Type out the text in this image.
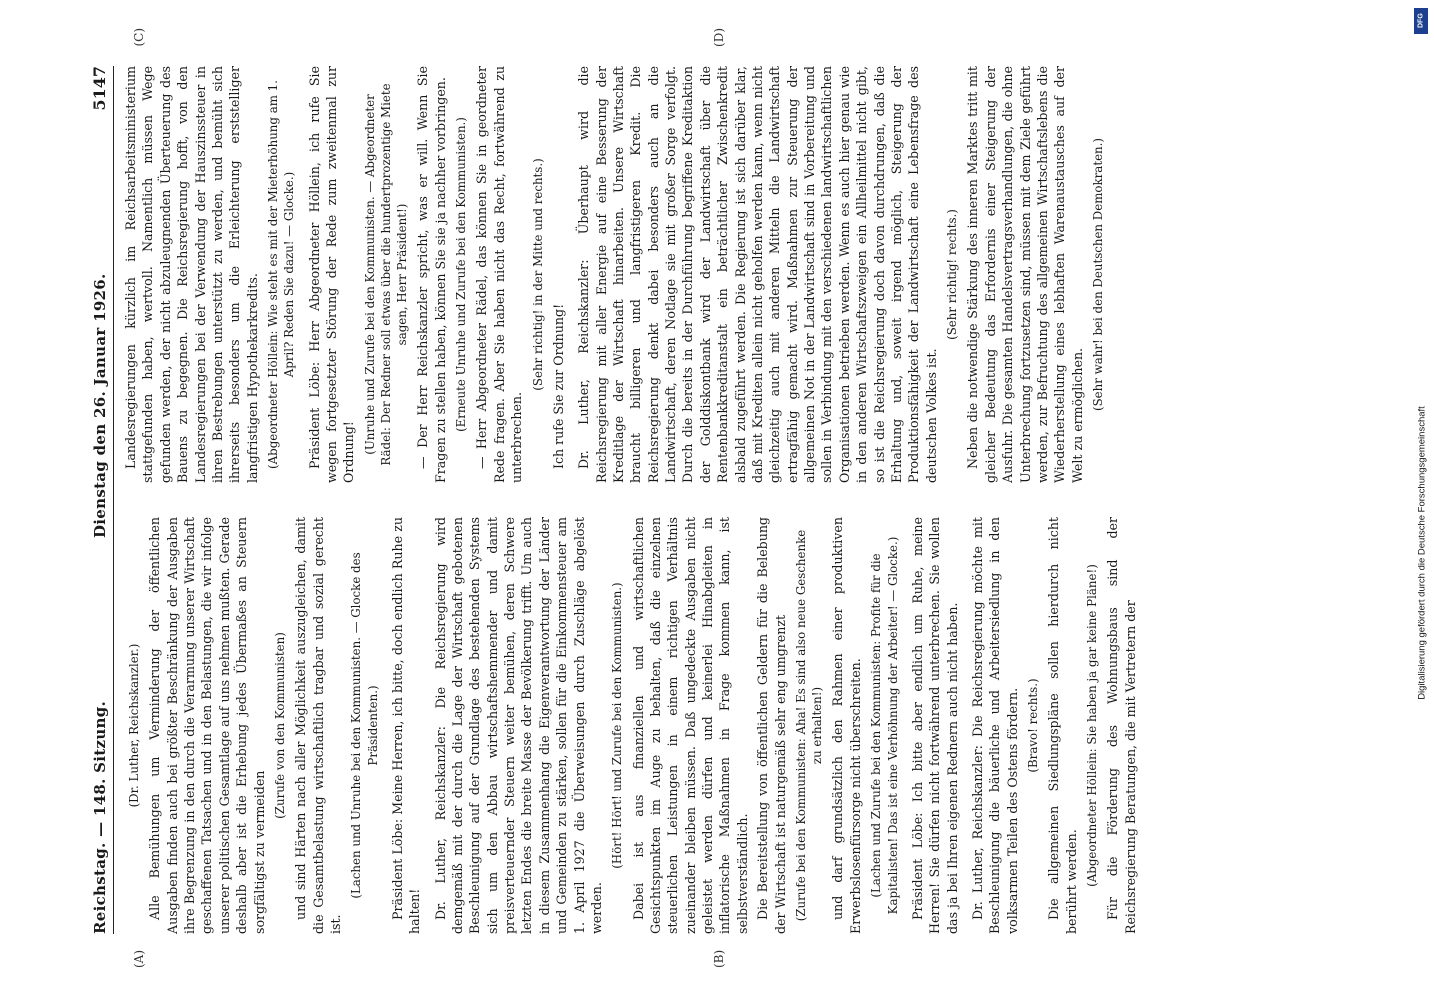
Reichstag. — 148. Sitzung.
Dienstag den 26. Januar 1926.
5147
(A)	(B)
(C)	(D)

(Dr. Luther, Reichskanzler.) Alle Bemühungen um Verminderung der öffentlichen Ausgaben finden auch bei größter Beschränkung der Ausgaben ihre Begrenzung in den durch die Verarmung unserer Wirtschaft geschaffenen Tatsachen und in den Belastungen, die wir infolge unserer politischen Gesamtlage auf uns nehmen mußten. Gerade deshalb aber ist die Erhebung jedes Übermaßes an Steuern sorgfältigst zu vermeiden

(Zurufe von den Kommunisten) und sind Härten nach aller Möglichkeit auszugleichen, damit die Gesamtbelastung wirtschaftlich tragbar und sozial gerecht ist.

(Lachen und Unruhe bei den Kommunisten. — Glocke des Präsidenten.) Präsident Löbe: Meine Herren, ich bitte, doch endlich Ruhe zu halten! Dr. Luther, Reichskanzler: Die Reichsregierung wird demgemäß mit der durch die Lage der Wirtschaft gebotenen Beschleunigung auf der Grundlage des bestehenden Systems sich um den Abbau wirtschaftshemmender und damit preisverteuernder Steuern weiter bemühen, deren Schwere letzten Endes die breite Masse der Bevölkerung trifft. Um auch in diesem Zusammenhang die Eigenverantwortung der Länder und Gemeinden zu stärken, sollen für die Einkommensteuer am 1. April 1927 die Überweisungen durch Zuschläge abgelöst werden.

(Hört! Hört! und Zurufe bei den Kommunisten.) Dabei ist aus finanziellen und wirtschaftlichen Gesichtspunkten im Auge zu behalten, daß die einzelnen steuerlichen Leistungen in einem richtigen Verhältnis zueinander bleiben müssen. Daß ungedeckte Ausgaben nicht geleistet werden dürfen und keinerlei Hinabgleiten in inflatorische Maßnahmen in Frage kommen kann, ist selbstverständlich. Die Bereitstellung von öffentlichen Geldern für die Belebung der Wirtschaft ist naturgemäß sehr eng umgrenzt (Zurufe bei den Kommunisten: Aha! Es sind also neue Geschenke zu erhalten!) und darf grundsätzlich den Rahmen einer produktiven Erwerbslosenfürsorge nicht überschreiten. (Lachen und Zurufe bei den Kommunisten: Profite für die Kapitalisten! Das ist eine Verhöhnung der Arbeiter! — Glocke.) Präsident Löbe: Ich bitte aber endlich um Ruhe, meine Herren! Sie dürfen nicht fortwährend unterbrechen. Sie wollen das ja bei Ihren eigenen Rednern auch nicht haben. Dr. Luther, Reichskanzler: Die Reichsregierung möchte mit Beschleunigung die bäuerliche und Arbeitersiedlung in den volksarmen Teilen des Ostens fördern. (Bravo! rechts.) Die allgemeinen Siedlungspläne sollen hierdurch nicht berührt werden. (Abgeordneter Höllein: Sie haben ja gar keine Pläne!) Für die Förderung des Wohnungsbaus sind der Reichsregierung Beratungen, die mit Vertretern der

Landesregierungen kürzlich im Reichsarbeitsministerium stattgefunden haben, wertvoll. Namentlich müssen Wege gefunden werden, der nicht abzuleugnenden Überteuerung des Bauens zu begegnen. Die Reichsregierung hofft, von den Landesregierungen bei der Verwendung der Hauszinssteuer in ihren Bestrebungen unterstützt zu werden, und bemüht sich ihrerseits besonders um die Erleichterung erststelliger langfristigen Hypothekarkredits. (Abgeordneter Höllein: Wie steht es mit der Mieterhöhung am 1. April? Reden Sie dazu! — Glocke.) Präsident Löbe: Herr Abgeordneter Höllein, ich rufe Sie wegen fortgesetzter Störung der Rede zum zweitenmal zur Ordnung! (Unruhe und Zurufe bei den Kommunisten. — Abgeordneter Rädel: Der Redner soll etwas über die hundertprozentige Miete sagen, Herr Präsident!) — Der Herr Reichskanzler spricht, was er will. Wenn Sie Fragen zu stellen haben, können Sie sie ja nachher vorbringen. (Erneute Unruhe und Zurufe bei den Kommunisten.) — Herr Abgeordneter Rädel, das können Sie in geordneter Rede fragen. Aber Sie haben nicht das Recht, fortwährend zu unterbrechen.

(Sehr richtig! in der Mitte und rechts.) Ich rufe Sie zur Ordnung! Dr. Luther, Reichskanzler: Überhaupt wird die Reichsregierung mit aller Energie auf eine Besserung der Kreditlage der Wirtschaft hinarbeiten. Unsere Wirtschaft braucht billigeren und langfristigeren Kredit. Die Reichsregierung denkt dabei besonders auch an die Landwirtschaft, deren Notlage sie mit großer Sorge verfolgt. Durch die bereits in der Durchführung begriffene Kreditaktion der Golddiskontbank wird der Landwirtschaft über die Rentenbankkreditanstalt ein beträchtlicher Zwischenkredit alsbald zugeführt werden. Die Regierung ist sich darüber klar, daß mit Krediten allein nicht geholfen werden kann, wenn nicht gleichzeitig auch mit anderen Mitteln die Landwirtschaft ertragfähig gemacht wird. Maßnahmen zur Steuerung der allgemeinen Not in der Landwirtschaft sind in Vorbereitung und sollen in Verbindung mit den verschiedenen landwirtschaftlichen Organisationen betrieben werden. Wenn es auch hier genau wie in den anderen Wirtschaftszweigen ein Allheilmittel nicht gibt, so ist die Reichsregierung doch davon durchdrungen, daß die Erhaltung und, soweit irgend möglich, Steigerung der Produktionsfähigkeit der Landwirtschaft eine Lebensfrage des deutschen Volkes ist.

(Sehr richtig! rechts.) Neben die notwendige Stärkung des inneren Marktes tritt mit gleicher Bedeutung das Erfordernis einer Steigerung der Ausfuhr. Die gesamten Handelsvertragsverhandlungen, die ohne Unterbrechung fortzusetzen sind, müssen mit dem Ziele geführt werden, zur Befruchtung des allgemeinen Wirtschaftslebens die Wiederherstellung eines lebhaften Warenaustausches auf der Welt zu ermöglichen.

(Sehr wahr! bei den Deutschen Demokraten.)

DFG
Digitalisierung gefördert durch die Deutsche Forschungsgemeinschaft
